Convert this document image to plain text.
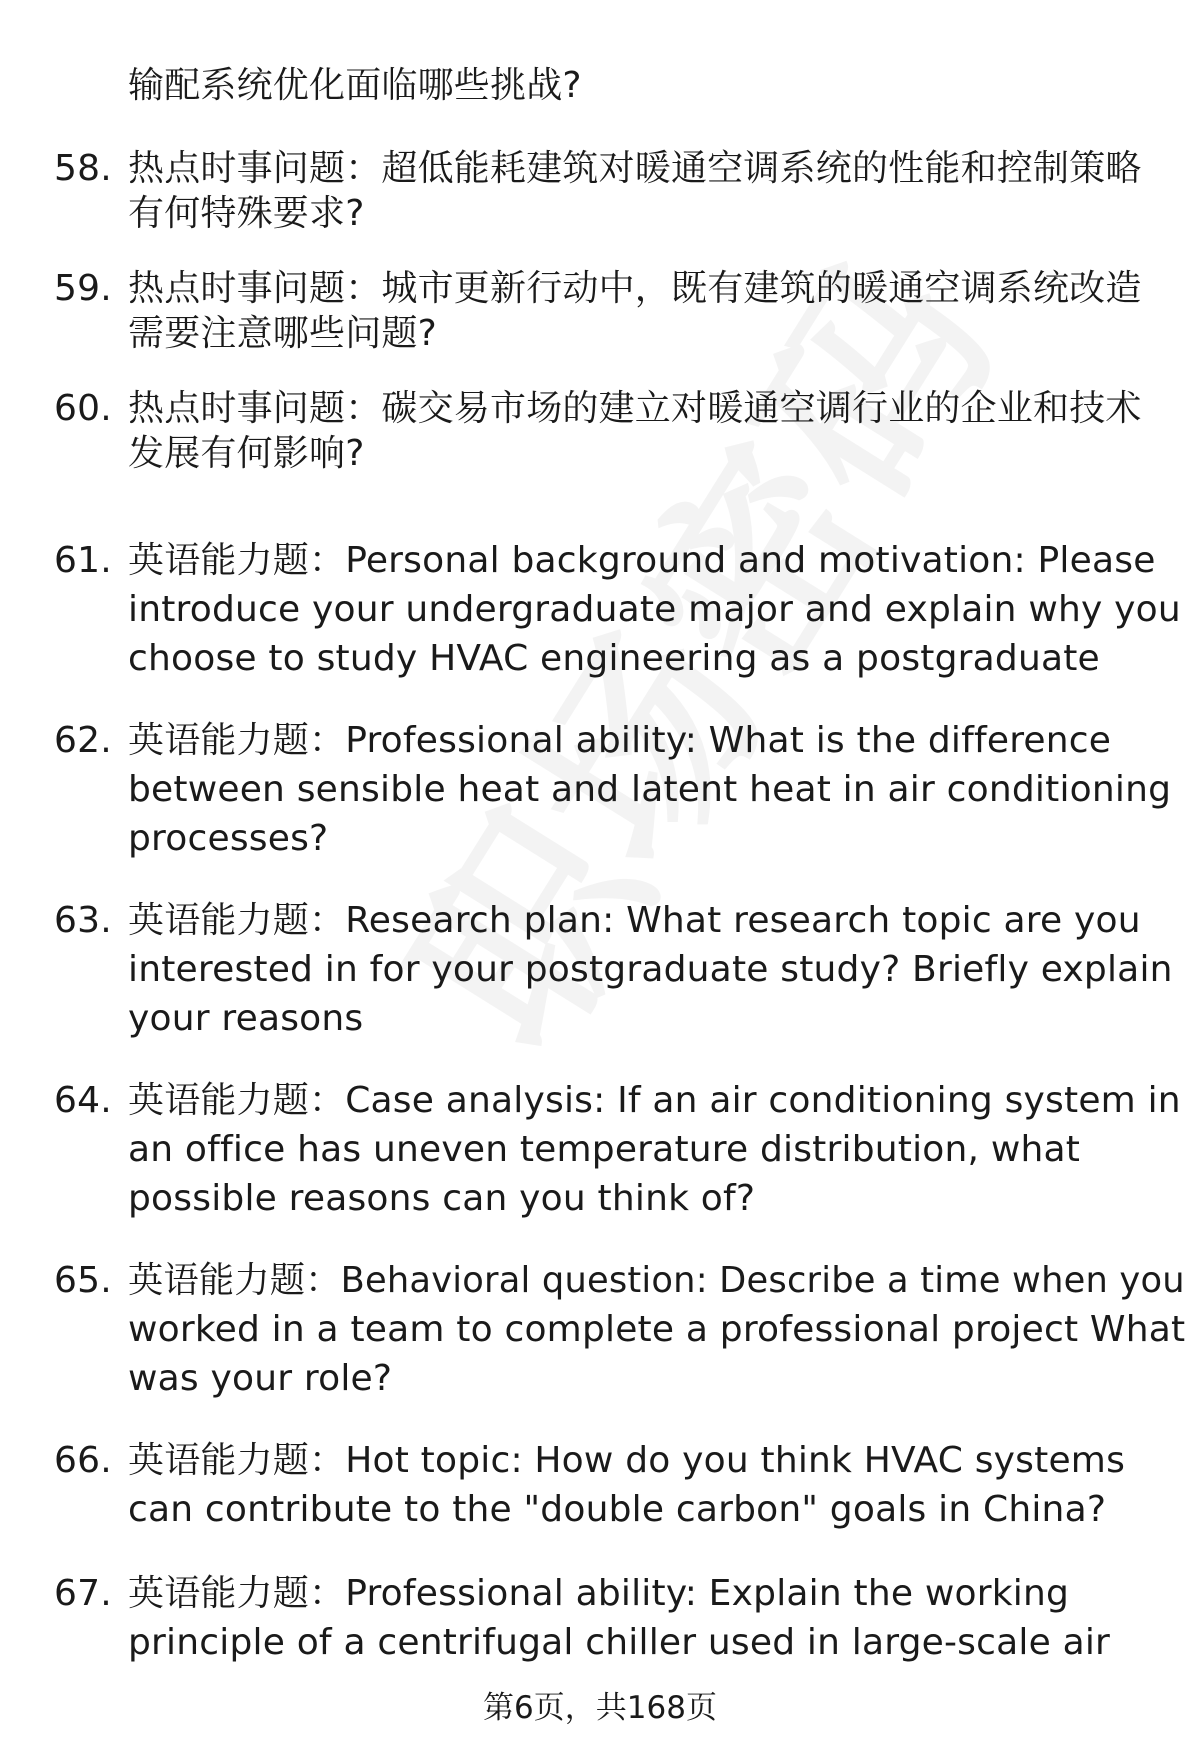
输配系统优化面临哪些挑战?
58. 热点时事问题：超低能耗建筑对暖通空调系统的性能和控制策略
有何特殊要求?
59. 热点时事问题：城市更新行动中，既有建筑的暖通空调系统改造
需要注意哪些问题?
60. 热点时事问题：碳交易市场的建立对暖通空调行业的企业和技术
发展有何影响?
61. 英语能力题：Personal background and motivation: Please
introduce your undergraduate major and explain why you
choose to study HVAC engineering as a postgraduate
62. 英语能力题：Professional ability: What is the difference
between sensible heat and latent heat in air conditioning
processes?
63. 英语能力题：Research plan: What research topic are you
interested in for your postgraduate study? Briefly explain
your reasons
64. 英语能力题：Case analysis: If an air conditioning system in
an office has uneven temperature distribution, what
possible reasons can you think of?
65. 英语能力题：Behavioral question: Describe a time when you
worked in a team to complete a professional project What
was your role?
66. 英语能力题：Hot topic: How do you think HVAC systems
can contribute to the "double carbon" goals in China?
67. 英语能力题：Professional ability: Explain the working
principle of a centrifugal chiller used in large-scale air
第6页，共168页
